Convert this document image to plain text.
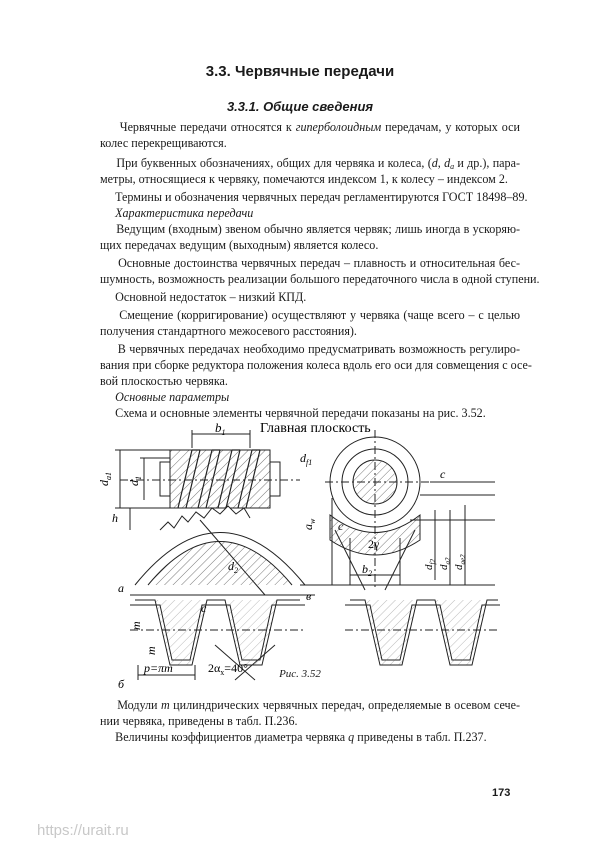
3.3. Червячные передачи
3.3.1. Общие сведения
Червячные передачи относятся к гиперболоидным передачам, у которых оси
колес перекрещиваются.
При буквенных обозначениях, общих для червяка и колеса, (d, $d_a$ и др.), пара-
метры, относящиеся к червяку, помечаются индексом 1, к колесу – индексом 2.
Термины и обозначения червячных передач регламентируются ГОСТ 18498–89.
Характеристика передачи
Ведущим (входным) звеном обычно является червяк; лишь иногда в ускоряю-
щих передачах ведущим (выходным) является колесо.
Основные достоинства червячных передач – плавность и относительная бес-
шумность, возможность реализации большого передаточного числа в одной ступени.
Основной недостаток – низкий КПД.
Смещение (корригирование) осуществляют у червяка (чаще всего – с целью
получения стандартного межосевого расстояния).
В червячных передачах необходимо предусматривать возможность регулиро-
вания при сборке редуктора положения колеса вдоль его оси для совмещения с осе-
вой плоскостью червяка.
Основные параметры
Схема и основные элементы червячной передачи показаны на рис. 3.52.
$b_1$
$d_{a1}$
$d_1$
h
$d_2$
а
Главная плоскость
$d_{f1}$
c
$a_w$ c
2γ
$b_2$
в
$d_{f2}$
$d_{a2}$
$d_{ae2}$
m
m
c
б
p=πm	$2\alpha_x=40^\circ$	Рис. 3.52
Модули m цилиндрических червячных передач, определяемые в осевом сече-
нии червяка, приведены в табл. П.236.
Величины коэффициентов диаметра червяка q приведены в табл. П.237.
173
https://urait.ru
